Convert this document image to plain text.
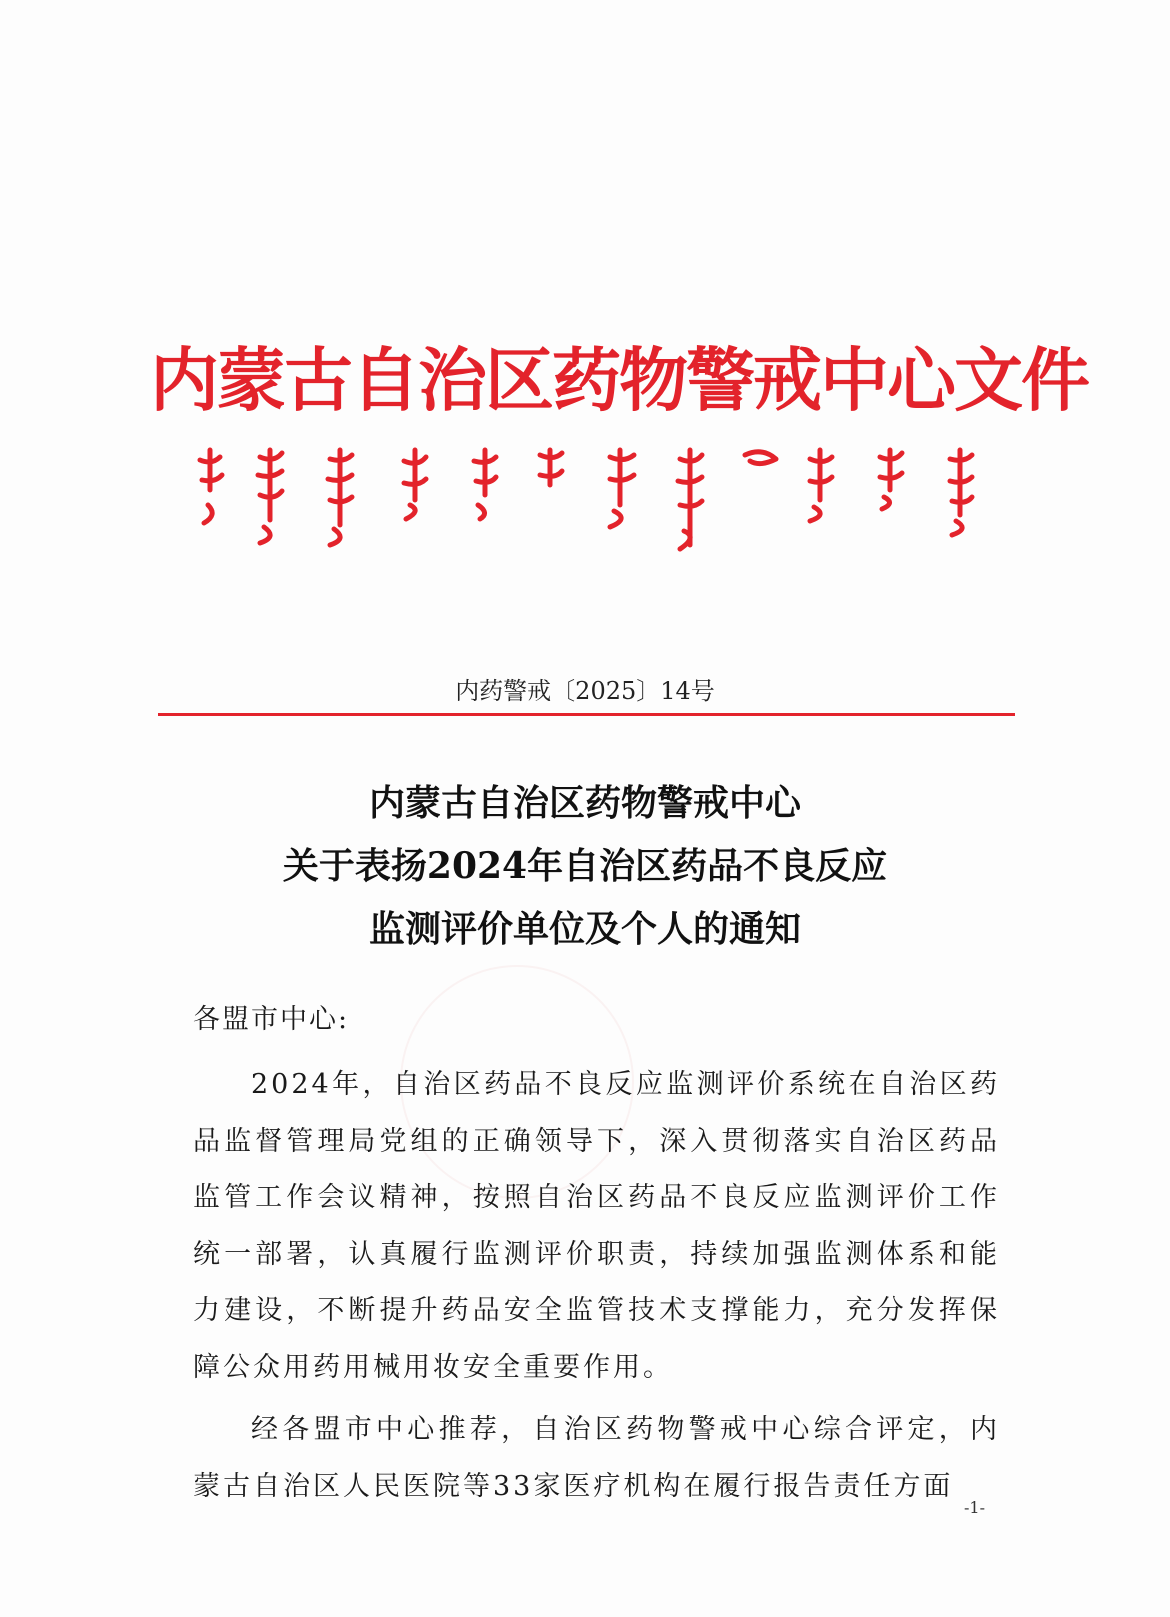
内蒙古自治区药物警戒中心文件
内药警戒〔2025〕14号
内蒙古自治区药物警戒中心
关于表扬2024年自治区药品不良反应
监测评价单位及个人的通知
各盟市中心:

2024年，自治区药品不良反应监测评价系统在自治区药品监督管理局党组的正确领导下，深入贯彻落实自治区药品监管工作会议精神，按照自治区药品不良反应监测评价工作统一部署，认真履行监测评价职责，持续加强监测体系和能力建设，不断提升药品安全监管技术支撑能力，充分发挥保障公众用药用械用妆安全重要作用。

经各盟市中心推荐，自治区药物警戒中心综合评定，内蒙古自治区人民医院等33家医疗机构在履行报告责任方面

-1-
